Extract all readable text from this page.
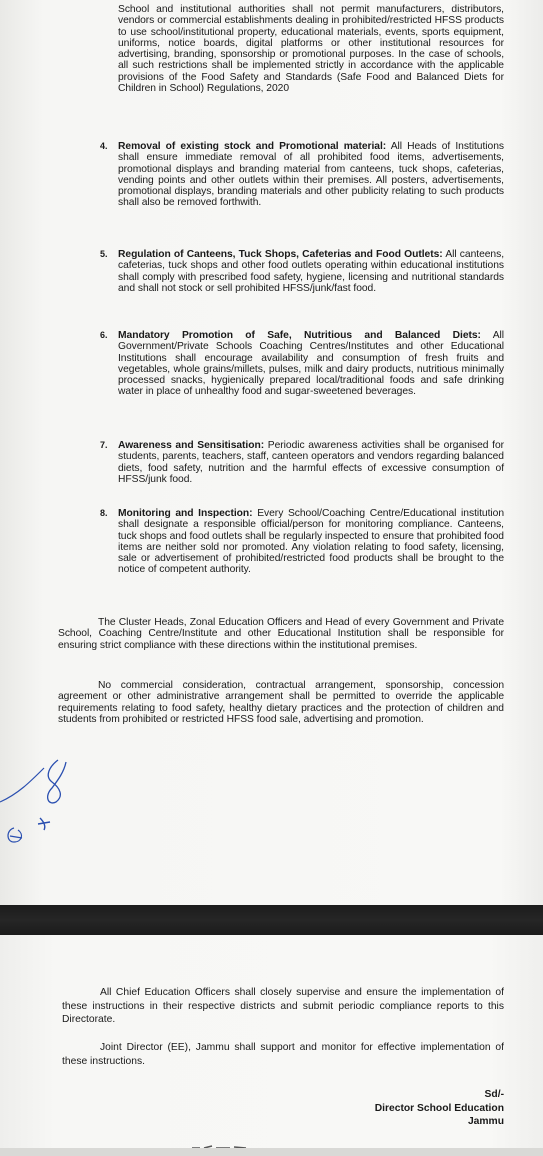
School and institutional authorities shall not permit manufacturers, distributors, vendors or commercial establishments dealing in prohibited/restricted HFSS products to use school/institutional property, educational materials, events, sports equipment, uniforms, notice boards, digital platforms or other institutional resources for advertising, branding, sponsorship or promotional purposes. In the case of schools, all such restrictions shall be implemented strictly in accordance with the applicable provisions of the Food Safety and Standards (Safe Food and Balanced Diets for Children in School) Regulations, 2020
4.	Removal of existing stock and Promotional material: All Heads of Institutions shall ensure immediate removal of all prohibited food items, advertisements, promotional displays and branding material from canteens, tuck shops, cafeterias, vending points and other outlets within their premises. All posters, advertisements, promotional displays, branding materials and other publicity relating to such products shall also be removed forthwith.
5.	Regulation of Canteens, Tuck Shops, Cafeterias and Food Outlets: All canteens, cafeterias, tuck shops and other food outlets operating within educational institutions shall comply with prescribed food safety, hygiene, licensing and nutritional standards and shall not stock or sell prohibited HFSS/junk/fast food.
6.	Mandatory Promotion of Safe, Nutritious and Balanced Diets: All Government/Private Schools Coaching Centres/Institutes and other Educational Institutions shall encourage availability and consumption of fresh fruits and vegetables, whole grains/millets, pulses, milk and dairy products, nutritious minimally processed snacks, hygienically prepared local/traditional foods and safe drinking water in place of unhealthy food and sugar-sweetened beverages.
7.	Awareness and Sensitisation: Periodic awareness activities shall be organised for students, parents, teachers, staff, canteen operators and vendors regarding balanced diets, food safety, nutrition and the harmful effects of excessive consumption of HFSS/junk food.
8.	Monitoring and Inspection: Every School/Coaching Centre/Educational institution shall designate a responsible official/person for monitoring compliance. Canteens, tuck shops and food outlets shall be regularly inspected to ensure that prohibited food items are neither sold nor promoted. Any violation relating to food safety, licensing, sale or advertisement of prohibited/restricted food products shall be brought to the notice of competent authority.
The Cluster Heads, Zonal Education Officers and Head of every Government and Private School, Coaching Centre/Institute and other Educational Institution shall be responsible for ensuring strict compliance with these directions within the institutional premises.
No commercial consideration, contractual arrangement, sponsorship, concession agreement or other administrative arrangement shall be permitted to override the applicable requirements relating to food safety, healthy dietary practices and the protection of children and students from prohibited or restricted HFSS food sale, advertising and promotion.
All Chief Education Officers shall closely supervise and ensure the implementation of these instructions in their respective districts and submit periodic compliance reports to this Directorate.
Joint Director (EE), Jammu shall support and monitor for effective implementation of these instructions.
Sd/-
Director School Education
Jammu
